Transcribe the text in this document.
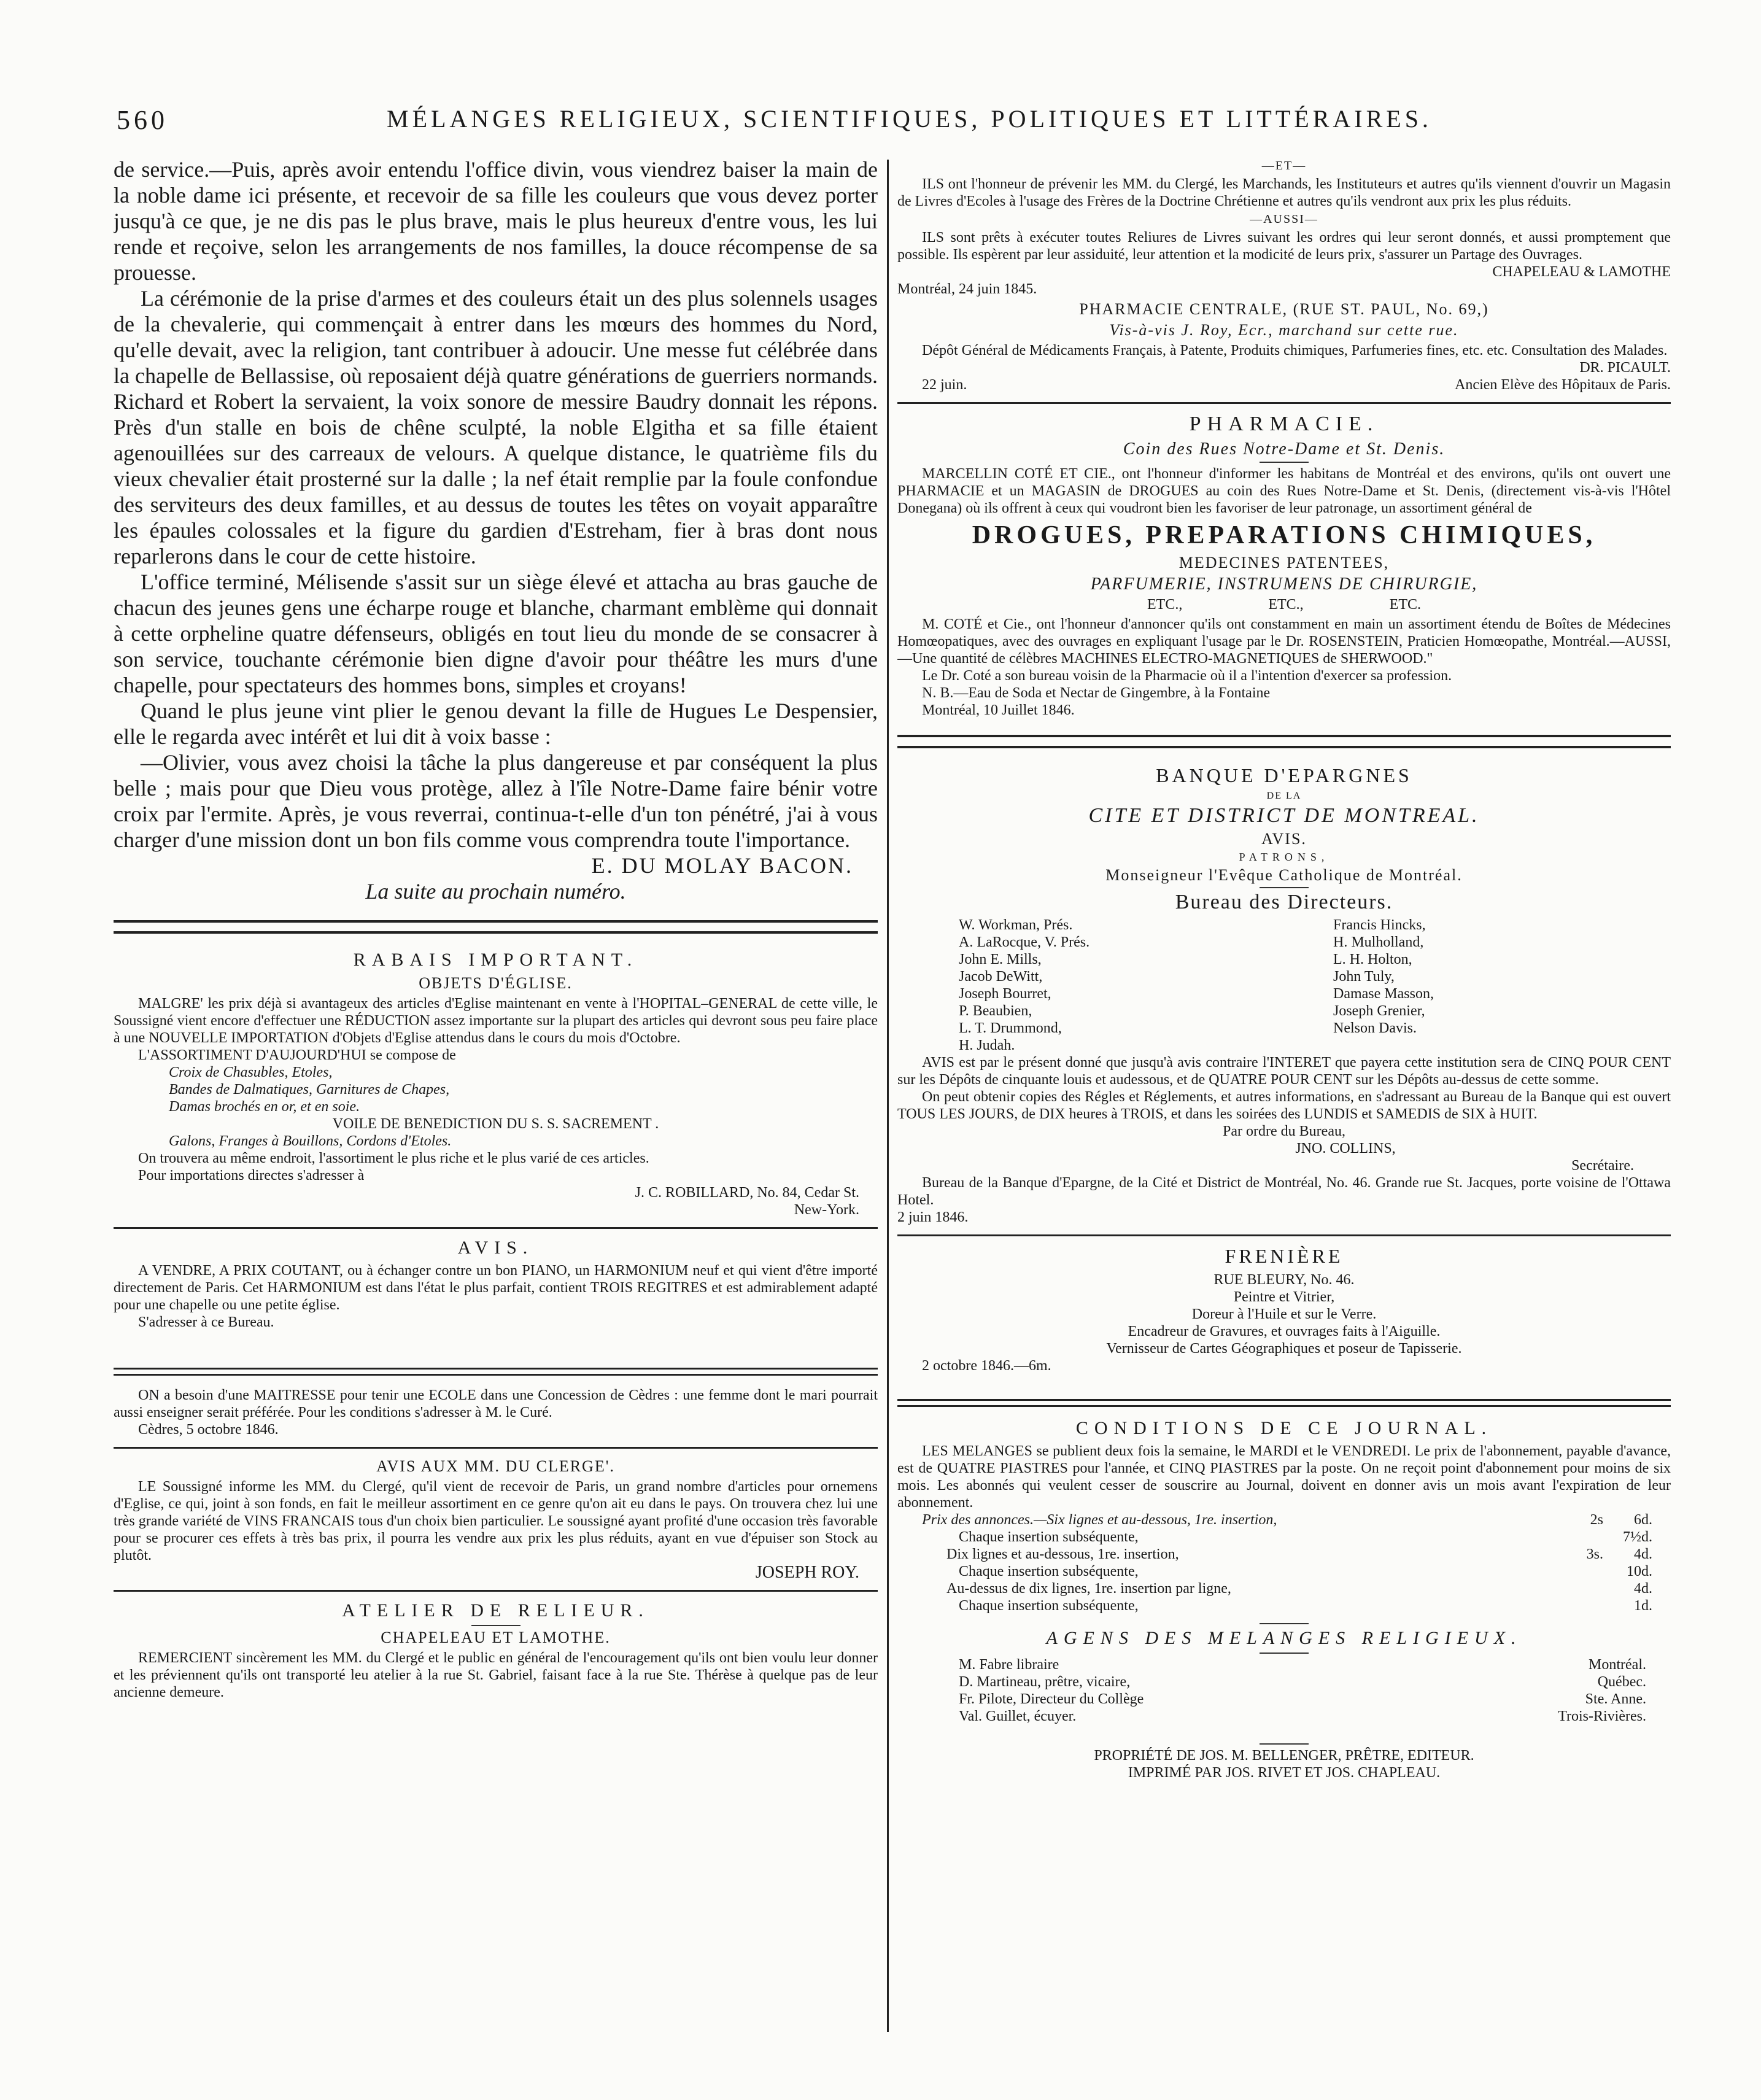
560	MÉLANGES RELIGIEUX, SCIENTIFIQUES, POLITIQUES ET LITTÉRAIRES.

de service.—Puis, après avoir entendu l'office divin, vous viendrez baiser la main de la noble dame ici présente, et recevoir de sa fille les couleurs que vous devez porter jusqu'à ce que, je ne dis pas le plus brave, mais le plus heureux d'entre vous, les lui rende et reçoive, selon les arrangements de nos familles, la douce récompense de sa prouesse.

La cérémonie de la prise d'armes et des couleurs était un des plus solennels usages de la chevalerie, qui commençait à entrer dans les mœurs des hommes du Nord, qu'elle devait, avec la religion, tant contribuer à adoucir. Une messe fut célébrée dans la chapelle de Bellassise, où reposaient déjà quatre générations de guerriers normands. Richard et Robert la servaient, la voix sonore de messire Baudry donnait les répons. Près d'un stalle en bois de chêne sculpté, la noble Elgitha et sa fille étaient agenouillées sur des carreaux de velours. A quelque distance, le quatrième fils du vieux chevalier était prosterné sur la dalle ; la nef était remplie par la foule confondue des serviteurs des deux familles, et au dessus de toutes les têtes on voyait apparaître les épaules colossales et la figure du gardien d'Estreham, fier à bras dont nous reparlerons dans le cour de cette histoire.

L'office terminé, Mélisende s'assit sur un siège élevé et attacha au bras gauche de chacun des jeunes gens une écharpe rouge et blanche, charmant emblème qui donnait à cette orpheline quatre défenseurs, obligés en tout lieu du monde de se consacrer à son service, touchante cérémonie bien digne d'avoir pour théâtre les murs d'une chapelle, pour spectateurs des hommes bons, simples et croyans!

Quand le plus jeune vint plier le genou devant la fille de Hugues Le Despensier, elle le regarda avec intérêt et lui dit à voix basse :

—Olivier, vous avez choisi la tâche la plus dangereuse et par conséquent la plus belle ; mais pour que Dieu vous protège, allez à l'île Notre-Dame faire bénir votre croix par l'ermite. Après, je vous reverrai, continua-t-elle d'un ton pénétré, j'ai à vous charger d'une mission dont un bon fils comme vous comprendra toute l'importance.

E. DU MOLAY BACON.
La suite au prochain numéro.
RABAIS IMPORTANT.
OBJETS D'ÉGLISE.

MALGRE' les prix déjà si avantageux des articles d'Eglise maintenant en vente à l'HOPITAL–GENERAL de cette ville, le Soussigné vient encore d'effectuer une RÉDUCTION assez importante sur la plupart des articles qui devront sous peu faire place à une NOUVELLE IMPORTATION d'Objets d'Eglise attendus dans le cours du mois d'Octobre.

L'ASSORTIMENT D'AUJOURD'HUI se compose de

Croix de Chasubles, Etoles,

Bandes de Dalmatiques, Garnitures de Chapes,

Damas brochés en or, et en soie.

VOILE DE BENEDICTION DU S. S. SACREMENT .

Galons, Franges à Bouillons, Cordons d'Etoles.

On trouvera au même endroit, l'assortiment le plus riche et le plus varié de ces articles.

Pour importations directes s'adresser à

J. C. ROBILLARD, No. 84, Cedar St.

New-York.

AVIS.

A VENDRE, A PRIX COUTANT, ou à échanger contre un bon PIANO, un HARMONIUM neuf et qui vient d'être importé directement de Paris. Cet HARMONIUM est dans l'état le plus parfait, contient TROIS REGITRES et est admirablement adapté pour une chapelle ou une petite église.

S'adresser à ce Bureau.

ON a besoin d'une MAITRESSE pour tenir une ECOLE dans une Concession de Cèdres : une femme dont le mari pourrait aussi enseigner serait préférée. Pour les conditions s'adresser à M. le Curé.

Cèdres, 5 octobre 1846.

AVIS AUX MM. DU CLERGE'.

LE Soussigné informe les MM. du Clergé, qu'il vient de recevoir de Paris, un grand nombre d'articles pour ornemens d'Eglise, ce qui, joint à son fonds, en fait le meilleur assortiment en ce genre qu'on ait eu dans le pays. On trouvera chez lui une très grande variété de VINS FRANCAIS tous d'un choix bien particulier. Le soussigné ayant profité d'une occasion très favorable pour se procurer ces effets à très bas prix, il pourra les vendre aux prix les plus réduits, ayant en vue d'épuiser son Stock au plutôt.

JOSEPH ROY.

ATELIER DE RELIEUR.
CHAPELEAU ET LAMOTHE.

REMERCIENT sincèrement les MM. du Clergé et le public en général de l'encouragement qu'ils ont bien voulu leur donner et les préviennent qu'ils ont transporté leu atelier à la rue St. Gabriel, faisant face à la rue Ste. Thérèse à quelque pas de leur ancienne demeure.

—ET—

ILS ont l'honneur de prévenir les MM. du Clergé, les Marchands, les Instituteurs et autres qu'ils viennent d'ouvrir un Magasin de Livres d'Ecoles à l'usage des Frères de la Doctrine Chrétienne et autres qu'ils vendront aux prix les plus réduits.

—AUSSI—

ILS sont prêts à exécuter toutes Reliures de Livres suivant les ordres qui leur seront donnés, et aussi promptement que possible. Ils espèrent par leur assiduité, leur attention et la modicité de leurs prix, s'assurer un Partage des Ouvrages.

CHAPELEAU & LAMOTHE

Montréal, 24 juin 1845.

PHARMACIE CENTRALE, (RUE ST. PAUL, No. 69,)
Vis-à-vis J. Roy, Ecr., marchand sur cette rue.

Dépôt Général de Médicaments Français, à Patente, Produits chimiques, Parfumeries fines, etc. etc. Consultation des Malades.

DR. PICAULT.

22 juin.	Ancien Elève des Hôpitaux de Paris.
PHARMACIE.
Coin des Rues Notre-Dame et St. Denis.

MARCELLIN COTÉ ET CIE., ont l'honneur d'informer les habitans de Montréal et des environs, qu'ils ont ouvert une PHARMACIE et un MAGASIN de DROGUES au coin des Rues Notre-Dame et St. Denis, (directement vis-à-vis l'Hôtel Donegana) où ils offrent à ceux qui voudront bien les favoriser de leur patronage, un assortiment général de

DROGUES, PREPARATIONS CHIMIQUES,
MEDECINES PATENTEES,
PARFUMERIE, INSTRUMENS DE CHIRURGIE,
ETC.,	ETC.,	ETC.

M. COTÉ et Cie., ont l'honneur d'annoncer qu'ils ont constamment en main un assortiment étendu de Boîtes de Médecines Homœopatiques, avec des ouvrages en expliquant l'usage par le Dr. ROSENSTEIN, Praticien Homœopathe, Montréal.—AUSSI,—Une quantité de célèbres MACHINES ELECTRO-MAGNETIQUES de SHERWOOD."

Le Dr. Coté a son bureau voisin de la Pharmacie où il a l'intention d'exercer sa profession.

N. B.—Eau de Soda et Nectar de Gingembre, à la Fontaine

Montréal, 10 Juillet 1846.

BANQUE D'EPARGNES
DE LA
CITE ET DISTRICT DE MONTREAL.
AVIS.
PATRONS,
Monseigneur l'Evêque Catholique de Montréal.
Bureau des Directeurs.
W. Workman, Prés.	Francis Hincks,
A. LaRocque, V. Prés.	H. Mulholland,
John E. Mills,	L. H. Holton,
Jacob DeWitt,	John Tuly,
Joseph Bourret,	Damase Masson,
P. Beaubien,	Joseph Grenier,
L. T. Drummond,	Nelson Davis.
H. Judah.

AVIS est par le présent donné que jusqu'à avis contraire l'INTERET que payera cette institution sera de CINQ POUR CENT sur les Dépôts de cinquante louis et audessous, et de QUATRE POUR CENT sur les Dépôts au-dessus de cette somme.

On peut obtenir copies des Régles et Réglements, et autres informations, en s'adressant au Bureau de la Banque qui est ouvert TOUS LES JOURS, de DIX heures à TROIS, et dans les soirées des LUNDIS et SAMEDIS de SIX à HUIT.

Par ordre du Bureau,

JNO. COLLINS,

Secrétaire.

Bureau de la Banque d'Epargne, de la Cité et District de Montréal, No. 46. Grande rue St. Jacques, porte voisine de l'Ottawa Hotel.

2 juin 1846.

FRENIÈRE

RUE BLEURY, No. 46.

Peintre et Vitrier,

Doreur à l'Huile et sur le Verre.

Encadreur de Gravures, et ouvrages faits à l'Aiguille.

Vernisseur de Cartes Géographiques et poseur de Tapisserie.

2 octobre 1846.—6m.

CONDITIONS DE CE JOURNAL.

LES MELANGES se publient deux fois la semaine, le MARDI et le VENDREDI. Le prix de l'abonnement, payable d'avance, est de QUATRE PIASTRES pour l'année, et CINQ PIASTRES par la poste. On ne reçoit point d'abonnement pour moins de six mois. Les abonnés qui veulent cesser de souscrire au Journal, doivent en donner avis un mois avant l'expiration de leur abonnement.

Prix des annonces.—Six lignes et au-dessous, 1re. insertion,	2s	6d.
Chaque insertion subséquente,	7½d.
Dix lignes et au-dessous, 1re. insertion,	3s.	4d.
Chaque insertion subséquente,	10d.
Au-dessus de dix lignes, 1re. insertion par ligne,	4d.
Chaque insertion subséquente,	1d.
AGENS DES MELANGES RELIGIEUX.
M. Fabre libraire	Montréal.
D. Martineau, prêtre, vicaire,	Québec.
Fr. Pilote, Directeur du Collège	Ste. Anne.
Val. Guillet, écuyer.	Trois-Rivières.

PROPRIÉTÉ DE JOS. M. BELLENGER, PRÊTRE, EDITEUR.

IMPRIMÉ PAR JOS. RIVET ET JOS. CHAPLEAU.
